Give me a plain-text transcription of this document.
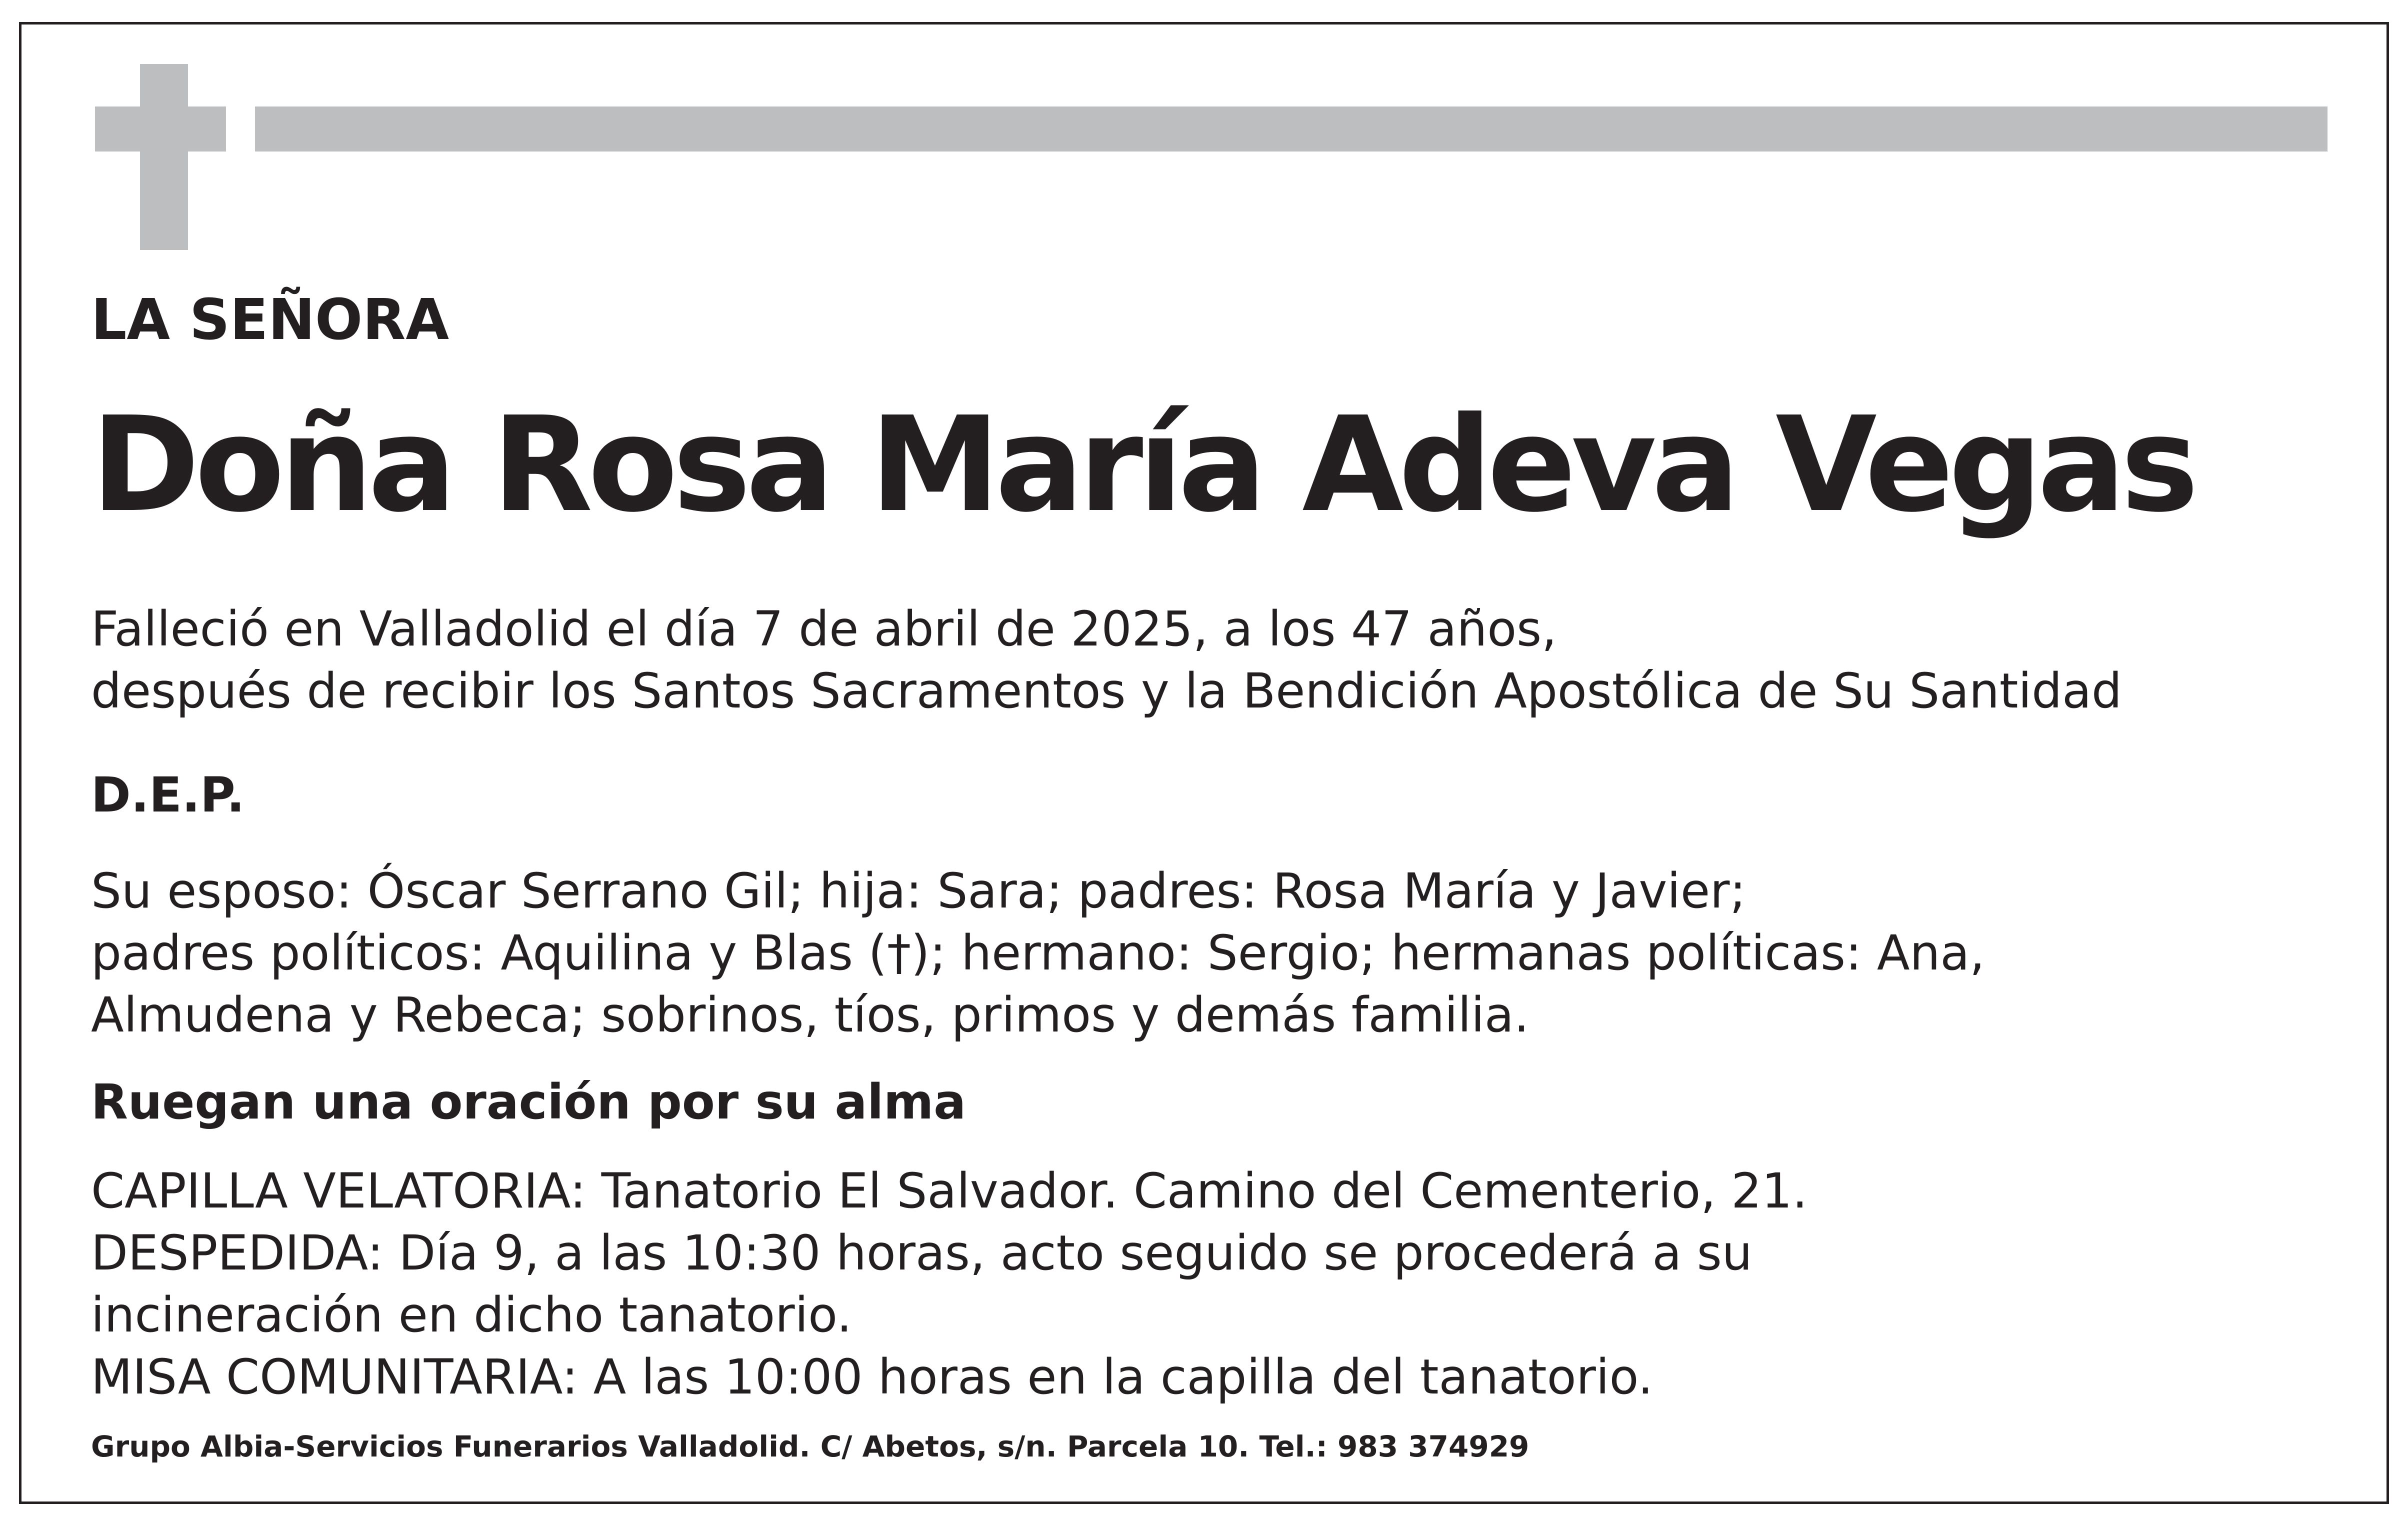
LA SEÑORA

Doña Rosa María Adeva Vegas

Falleció en Valladolid el día 7 de abril de 2025, a los 47 años,

después de recibir los Santos Sacramentos y la Bendición Apostólica de Su Santidad

D.E.P.

Su esposo: Óscar Serrano Gil; hija: Sara; padres: Rosa María y Javier;

padres políticos: Aquilina y Blas (†); hermano: Sergio; hermanas políticas: Ana,

Almudena y Rebeca; sobrinos, tíos, primos y demás familia.

Ruegan una oración por su alma

CAPILLA VELATORIA: Tanatorio El Salvador. Camino del Cementerio, 21.

DESPEDIDA: Día 9, a las 10:30 horas, acto seguido se procederá a su

incineración en dicho tanatorio.

MISA COMUNITARIA: A las 10:00 horas en la capilla del tanatorio.

Grupo Albia-Servicios Funerarios Valladolid. C/ Abetos, s/n. Parcela 10. Tel.: 983 374929
